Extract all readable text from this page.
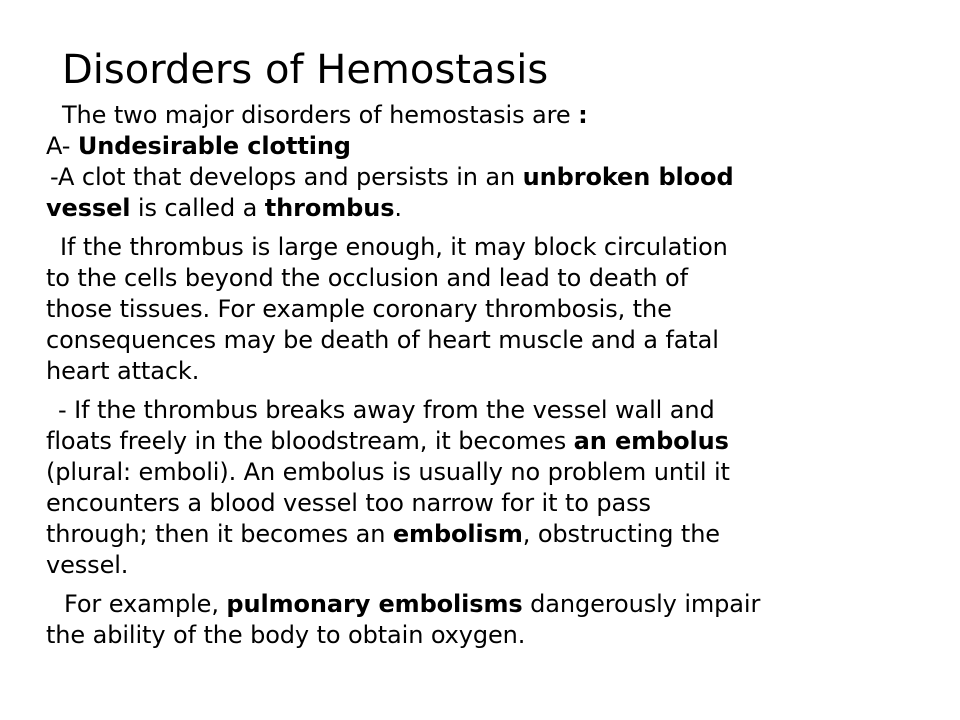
Disorders of Hemostasis
The two major disorders of hemostasis are :
A- Undesirable clotting
-A clot that develops and persists in an unbroken blood
vessel is called a thrombus.
If the thrombus is large enough, it may block circulation
to the cells beyond the occlusion and lead to death of
those tissues. For example coronary thrombosis, the
consequences may be death of heart muscle and a fatal
heart attack.
- If the thrombus breaks away from the vessel wall and
floats freely in the bloodstream, it becomes an embolus
(plural: emboli). An embolus is usually no problem until it
encounters a blood vessel too narrow for it to pass
through; then it becomes an embolism, obstructing the
vessel.
For example, pulmonary embolisms dangerously impair
the ability of the body to obtain oxygen.
